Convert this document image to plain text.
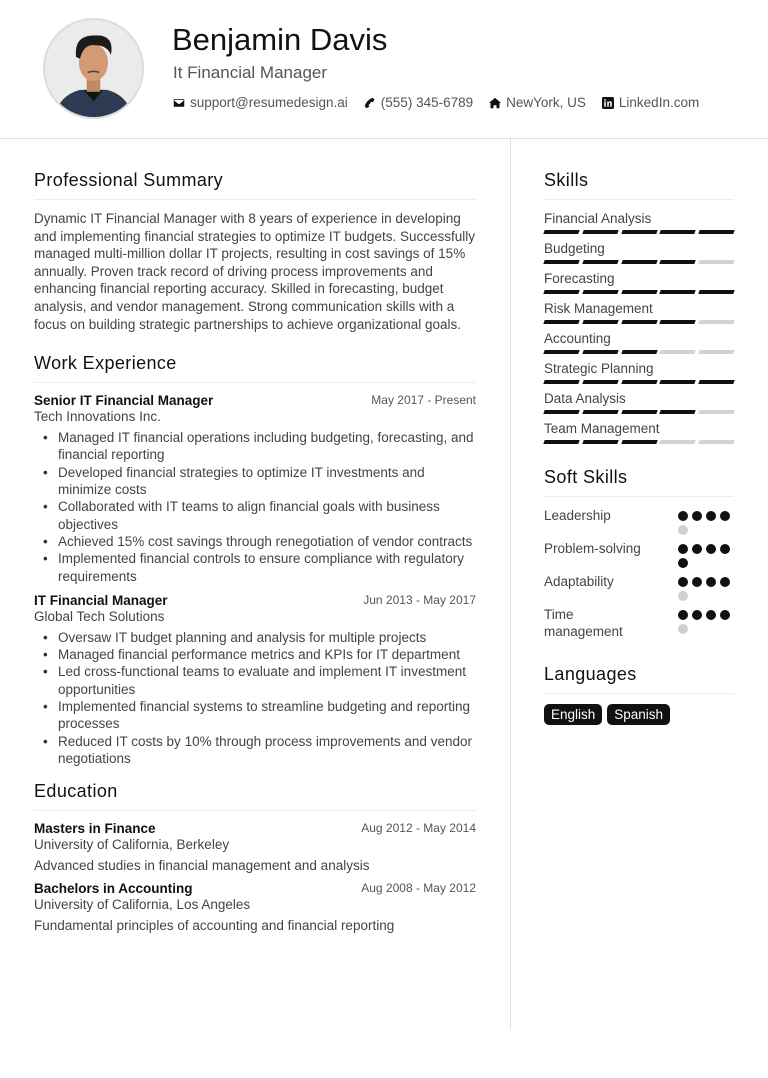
Benjamin Davis
It Financial Manager
support@resumedesign.ai (555) 345-6789 NewYork, US LinkedIn.com
Professional Summary

Dynamic IT Financial Manager with 8 years of experience in developing and implementing financial strategies to optimize IT budgets. Successfully managed multi-million dollar IT projects, resulting in cost savings of 15% annually. Proven track record of driving process improvements and enhancing financial reporting accuracy. Skilled in forecasting, budget analysis, and vendor management. Strong communication skills with a focus on building strategic partnerships to achieve organizational goals.

Work Experience
Senior IT Financial Manager	May 2017 - Present
Tech Innovations Inc.
• Managed IT financial operations including budgeting, forecasting, and financial reporting
• Developed financial strategies to optimize IT investments and minimize costs
• Collaborated with IT teams to align financial goals with business objectives
• Achieved 15% cost savings through renegotiation of vendor contracts
• Implemented financial controls to ensure compliance with regulatory requirements
IT Financial Manager	Jun 2013 - May 2017
Global Tech Solutions
• Oversaw IT budget planning and analysis for multiple projects
• Managed financial performance metrics and KPIs for IT department
• Led cross-functional teams to evaluate and implement IT investment opportunities
• Implemented financial systems to streamline budgeting and reporting processes
• Reduced IT costs by 10% through process improvements and vendor negotiations
Education
Masters in Finance	Aug 2012 - May 2014
University of California, Berkeley
Advanced studies in financial management and analysis
Bachelors in Accounting	Aug 2008 - May 2012
University of California, Los Angeles
Fundamental principles of accounting and financial reporting
Skills
Financial Analysis
Budgeting
Forecasting
Risk Management
Accounting
Strategic Planning
Data Analysis
Team Management
Soft Skills
Leadership
Problem-solving
Adaptability
Time management
Languages
English	Spanish
